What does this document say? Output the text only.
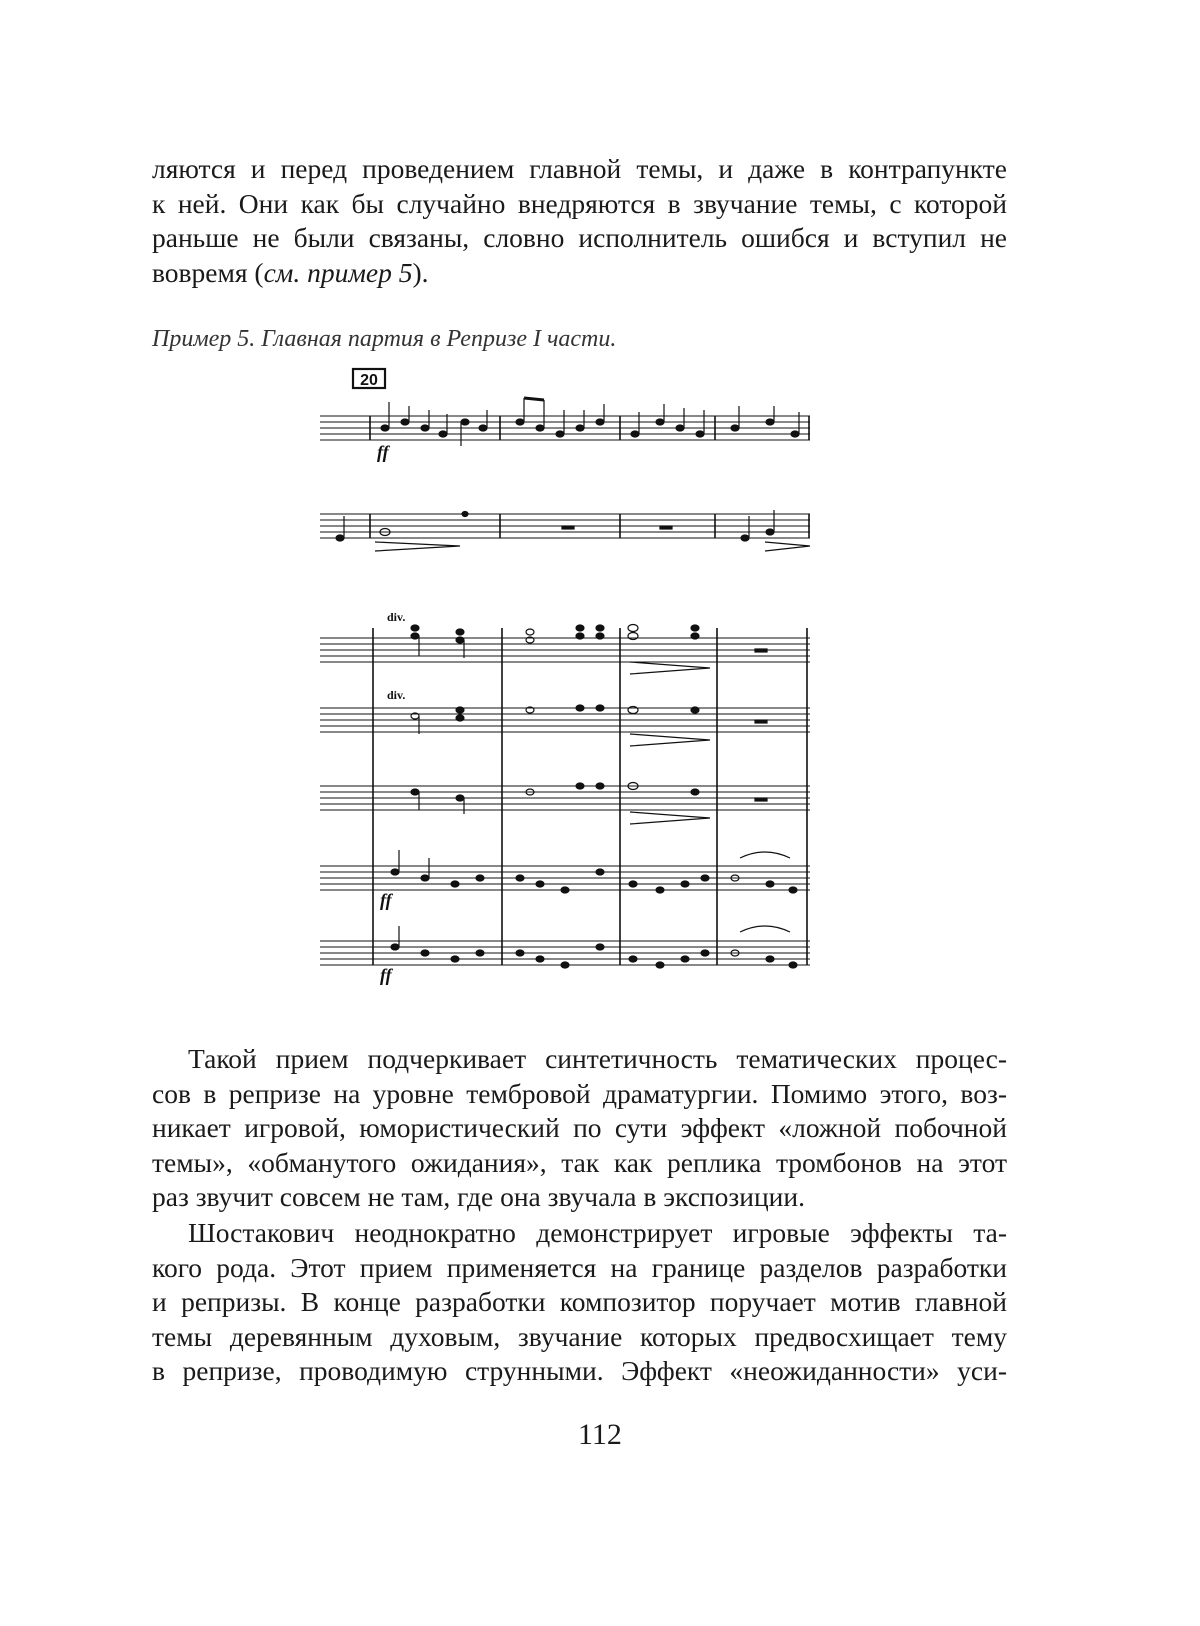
ляются и перед проведением главной темы, и даже в контрапункте
к ней. Они как бы случайно внедряются в звучание темы, с которой
раньше не были связаны, словно исполнитель ошибся и вступил не
вовремя (см. пример 5).

Пример 5. Главная партия в Репризе I части.

20
ff
ff
ff
div.
div.

Такой прием подчеркивает синтетичность тематических процес-
сов в репризе на уровне тембровой драматургии. Помимо этого, воз-
никает игровой, юмористический по сути эффект «ложной побочной
темы», «обманутого ожидания», так как реплика тромбонов на этот
раз звучит совсем не там, где она звучала в экспозиции.

Шостакович неоднократно демонстрирует игровые эффекты та-
кого рода. Этот прием применяется на границе разделов разработки
и репризы. В конце разработки композитор поручает мотив главной
темы деревянным духовым, звучание которых предвосхищает тему
в репризе, проводимую струнными. Эффект «неожиданности» уси-

112
